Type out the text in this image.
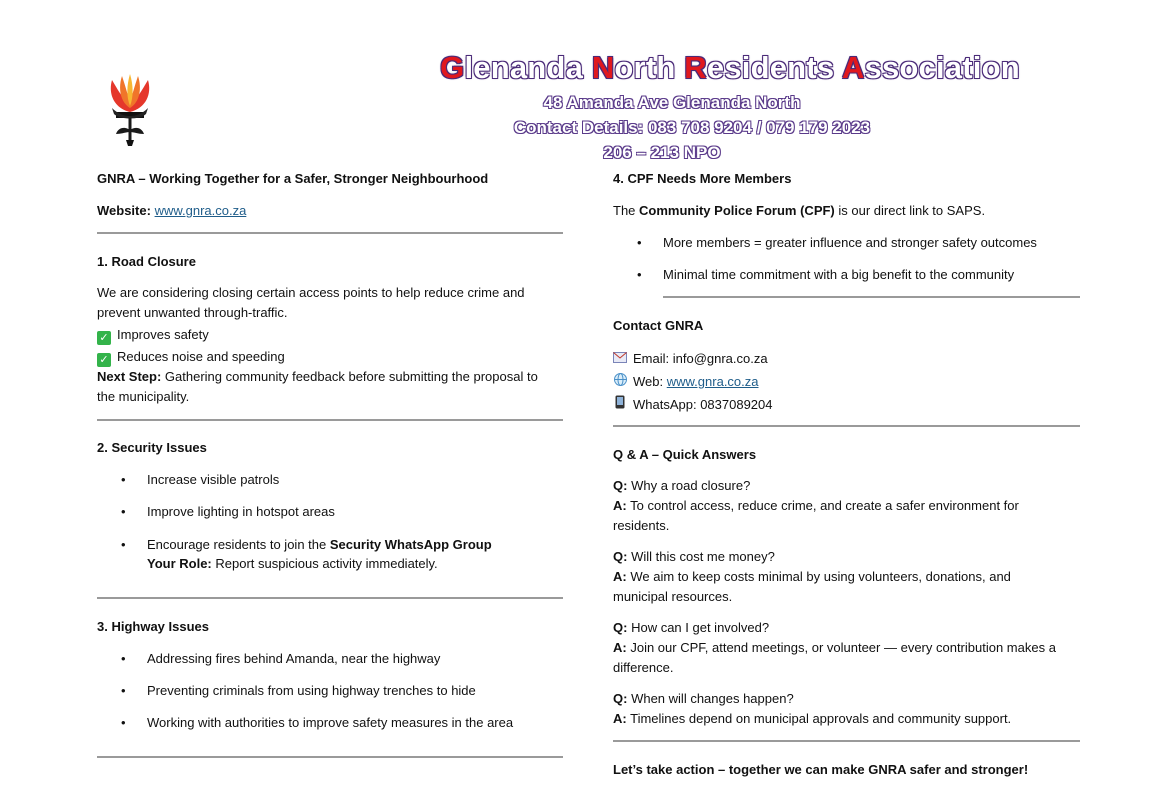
Glenanda North Residents Association
48 Amanda Ave Glenanda North
Contact Details: 083 708 9204 / 079 179 2023
206 – 213 NPO
GNRA – Working Together for a Safer, Stronger Neighbourhood
Website: www.gnra.co.za
1. Road Closure
We are considering closing certain access points to help reduce crime and
prevent unwanted through-traffic.
✓ Improves safety
✓ Reduces noise and speeding
Next Step: Gathering community feedback before submitting the proposal to
the municipality.
2. Security Issues
•	Increase visible patrols
•	Improve lighting in hotspot areas
•	Encourage residents to join the Security WhatsApp Group
Your Role: Report suspicious activity immediately.
3. Highway Issues
•	Addressing fires behind Amanda, near the highway
•	Preventing criminals from using highway trenches to hide
•	Working with authorities to improve safety measures in the area
4. CPF Needs More Members
The Community Police Forum (CPF) is our direct link to SAPS.
•	More members = greater influence and stronger safety outcomes
•	Minimal time commitment with a big benefit to the community
Contact GNRA
Email: info@gnra.co.za
Web: www.gnra.co.za
WhatsApp: 0837089204
Q & A – Quick Answers
Q: Why a road closure?
A: To control access, reduce crime, and create a safer environment for
residents.
Q: Will this cost me money?
A: We aim to keep costs minimal by using volunteers, donations, and
municipal resources.
Q: How can I get involved?
A: Join our CPF, attend meetings, or volunteer — every contribution makes a
difference.
Q: When will changes happen?
A: Timelines depend on municipal approvals and community support.
Let’s take action – together we can make GNRA safer and stronger!
